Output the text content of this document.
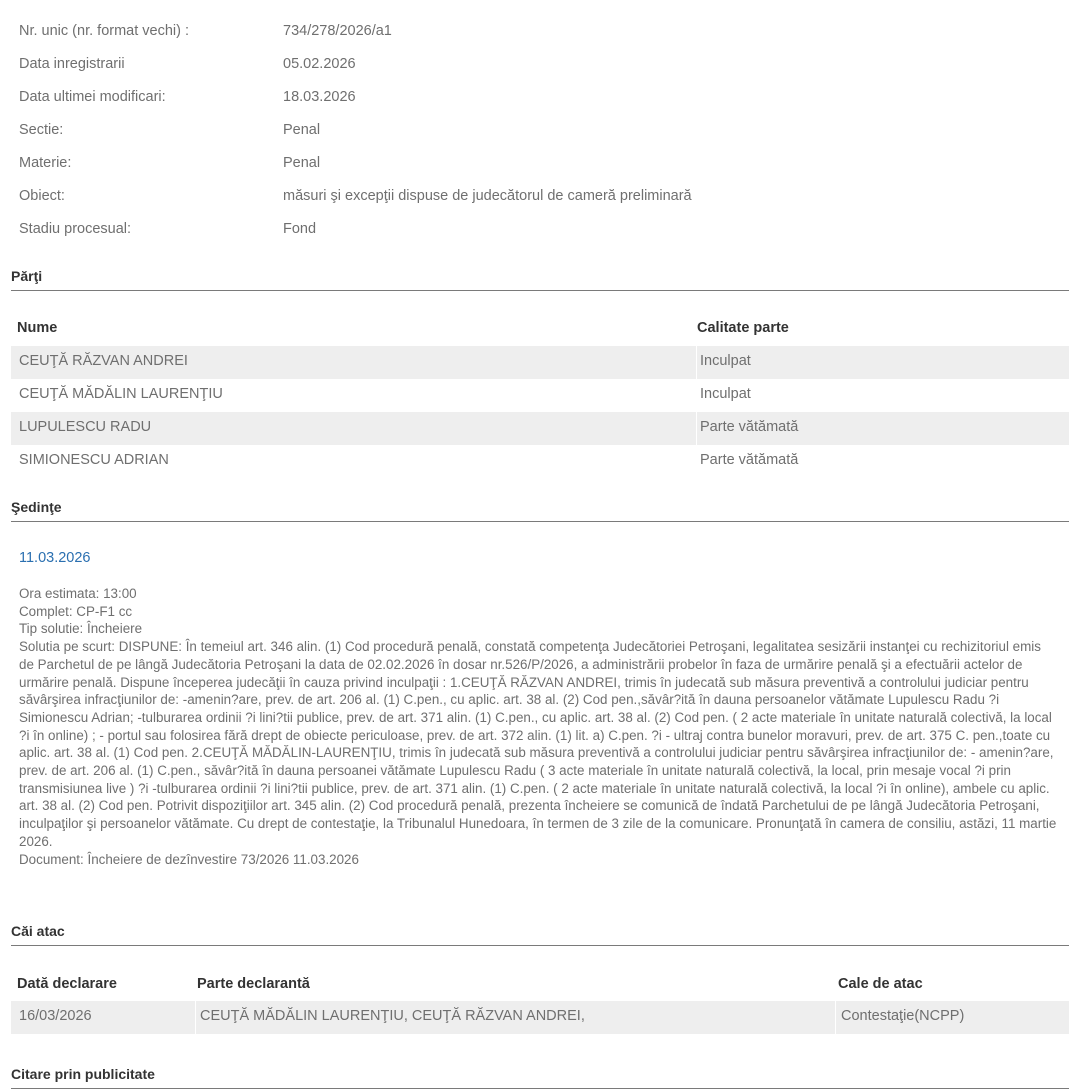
Nr. unic (nr. format vechi) :	734/278/2026/a1
Data inregistrarii	05.02.2026
Data ultimei modificari:	18.03.2026
Sectie:	Penal
Materie:	Penal
Obiect:	măsuri şi excepţii dispuse de judecătorul de cameră preliminară
Stadiu procesual:	Fond
Părţi
Nume	Calitate parte
CEUŢĂ RĂZVAN ANDREI	Inculpat
CEUŢĂ MĂDĂLIN LAURENŢIU	Inculpat
LUPULESCU RADU	Parte vătămată
SIMIONESCU ADRIAN	Parte vătămată
Şedinţe
11.03.2026
Ora estimata: 13:00
Complet: CP-F1 cc
Tip solutie: Încheiere
Solutia pe scurt: DISPUNE: În temeiul art. 346 alin. (1) Cod procedură penală, constată competenţa Judecătoriei Petroşani, legalitatea sesizării instanţei cu rechizitoriul emis de Parchetul de pe lângă Judecătoria Petroşani la data de 02.02.2026 în dosar nr.526/P/2026, a administrării probelor în faza de urmărire penală şi a efectuării actelor de urmărire penală. Dispune începerea judecăţii în cauza privind inculpaţii : 1.CEUŢĂ RĂZVAN ANDREI, trimis în judecată sub măsura preventivă a controlului judiciar pentru săvârşirea infracţiunilor de: -amenin?are, prev. de art. 206 al. (1) C.pen., cu aplic. art. 38 al. (2) Cod pen.,săvâr?ită în dauna persoanelor vătămate Lupulescu Radu ?i Simionescu Adrian; -tulburarea ordinii ?i lini?tii publice, prev. de art. 371 alin. (1) C.pen., cu aplic. art. 38 al. (2) Cod pen. ( 2 acte materiale în unitate naturală colectivă, la local ?i în online) ; - portul sau folosirea fără drept de obiecte periculoase, prev. de art. 372 alin. (1) lit. a) C.pen. ?i - ultraj contra bunelor moravuri, prev. de art. 375 C. pen.,toate cu aplic. art. 38 al. (1) Cod pen. 2.CEUŢĂ MĂDĂLIN-LAURENŢIU, trimis în judecată sub măsura preventivă a controlului judiciar pentru săvârşirea infracţiunilor de: - amenin?are, prev. de art. 206 al. (1) C.pen., săvâr?ită în dauna persoanei vătămate Lupulescu Radu ( 3 acte materiale în unitate naturală colectivă, la local, prin mesaje vocal ?i prin transmisiunea live ) ?i -tulburarea ordinii ?i lini?tii publice, prev. de art. 371 alin. (1) C.pen. ( 2 acte materiale în unitate naturală colectivă, la local ?i în online), ambele cu aplic. art. 38 al. (2) Cod pen. Potrivit dispoziţiilor art. 345 alin. (2) Cod procedură penală, prezenta încheiere se comunică de îndată Parchetului de pe lângă Judecătoria Petroşani, inculpaţilor şi persoanelor vătămate. Cu drept de contestaţie, la Tribunalul Hunedoara, în termen de 3 zile de la comunicare. Pronunţată în camera de consiliu, astăzi, 11 martie 2026.
Document: Încheiere de dezînvestire 73/2026 11.03.2026
Căi atac
Dată declarare	Parte declarantă	Cale de atac
16/03/2026	CEUŢĂ MĂDĂLIN LAURENŢIU, CEUŢĂ RĂZVAN ANDREI,	Contestaţie(NCPP)
Citare prin publicitate
